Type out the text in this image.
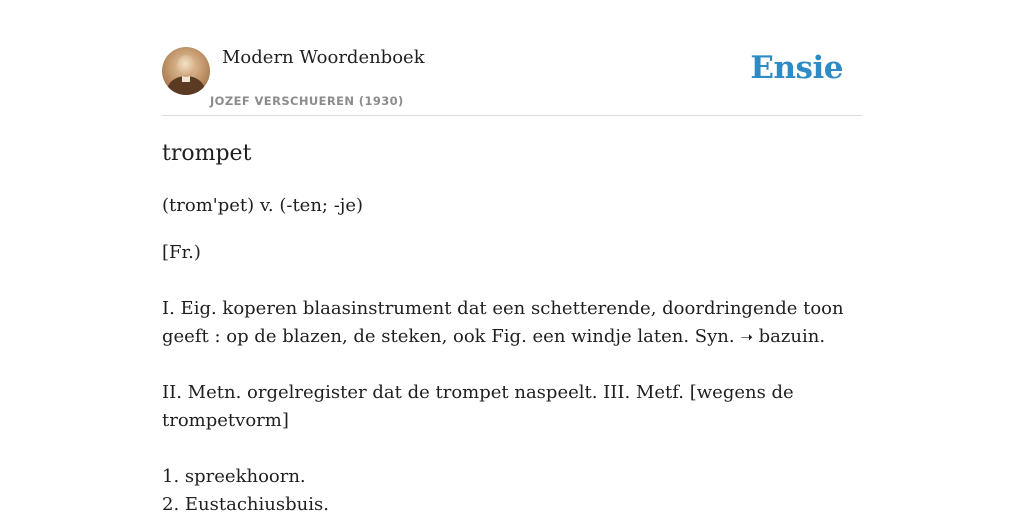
Modern Woordenboek
JOZEF VERSCHUEREN (1930)
Ensie
trompet

(trom'pet) v. (-ten; -je)

[Fr.)

I. Eig. koperen blaasinstrument dat een schetterende, doordringende toon geeft : op de blazen, de steken, ook Fig. een windje laten. Syn. ➝ bazuin.

II. Metn. orgelregister dat de trompet naspeelt. III. Metf. [wegens de trompetvorm]

1. spreekhoorn.

2. Eustachiusbuis.
